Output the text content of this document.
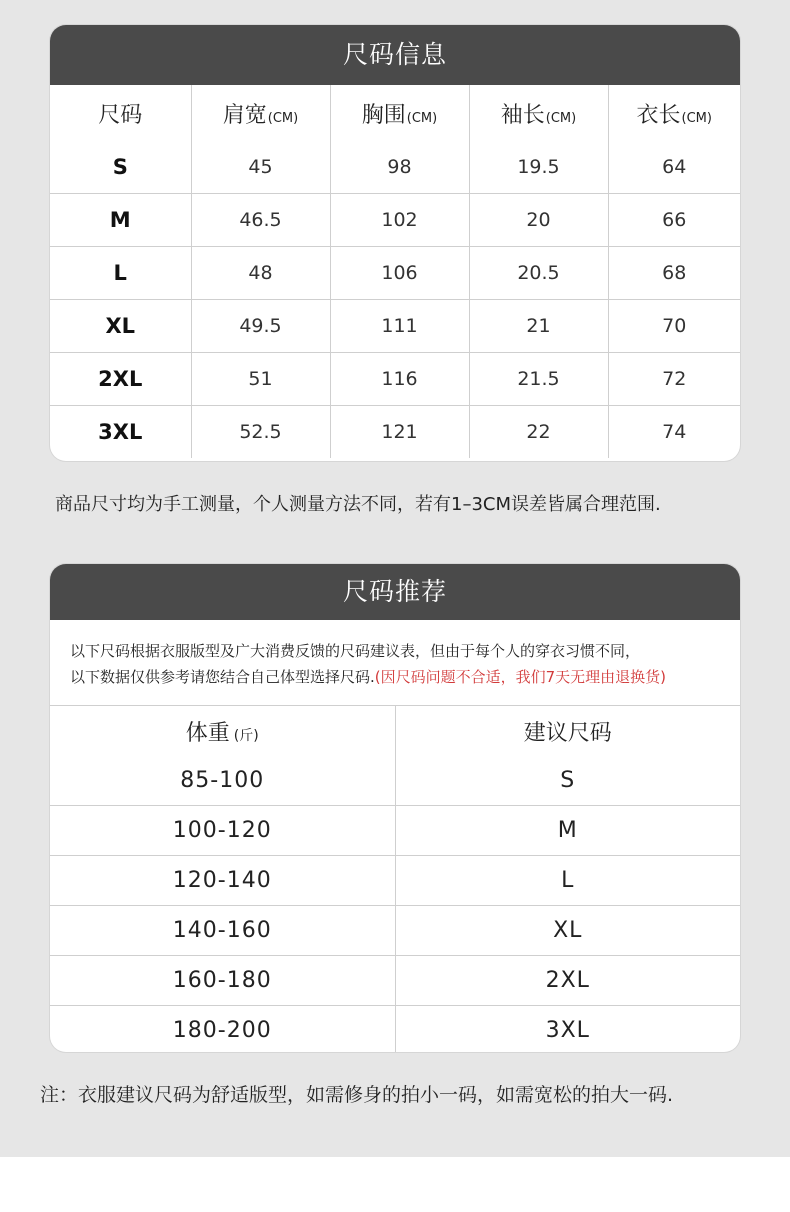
尺码信息
尺码	肩宽(CM)	胸围(CM)	袖长(CM)	衣长(CM)
S	45	98	19.5	64
M	46.5	102	20	66
L	48	106	20.5	68
XL	49.5	111	21	70
2XL	51	116	21.5	72
3XL	52.5	121	22	74
商品尺寸均为手工测量，个人测量方法不同，若有1–3CM误差皆属合理范围.
尺码推荐
以下尺码根据衣服版型及广大消费反馈的尺码建议表，但由于每个人的穿衣习惯不同，
以下数据仅供参考请您结合自己体型选择尺码.(因尺码问题不合适，我们7天无理由退换货)
体重 (斤)	建议尺码
85-100	S
100-120	M
120-140	L
140-160	XL
160-180	2XL
180-200	3XL
注：衣服建议尺码为舒适版型，如需修身的拍小一码，如需宽松的拍大一码.
